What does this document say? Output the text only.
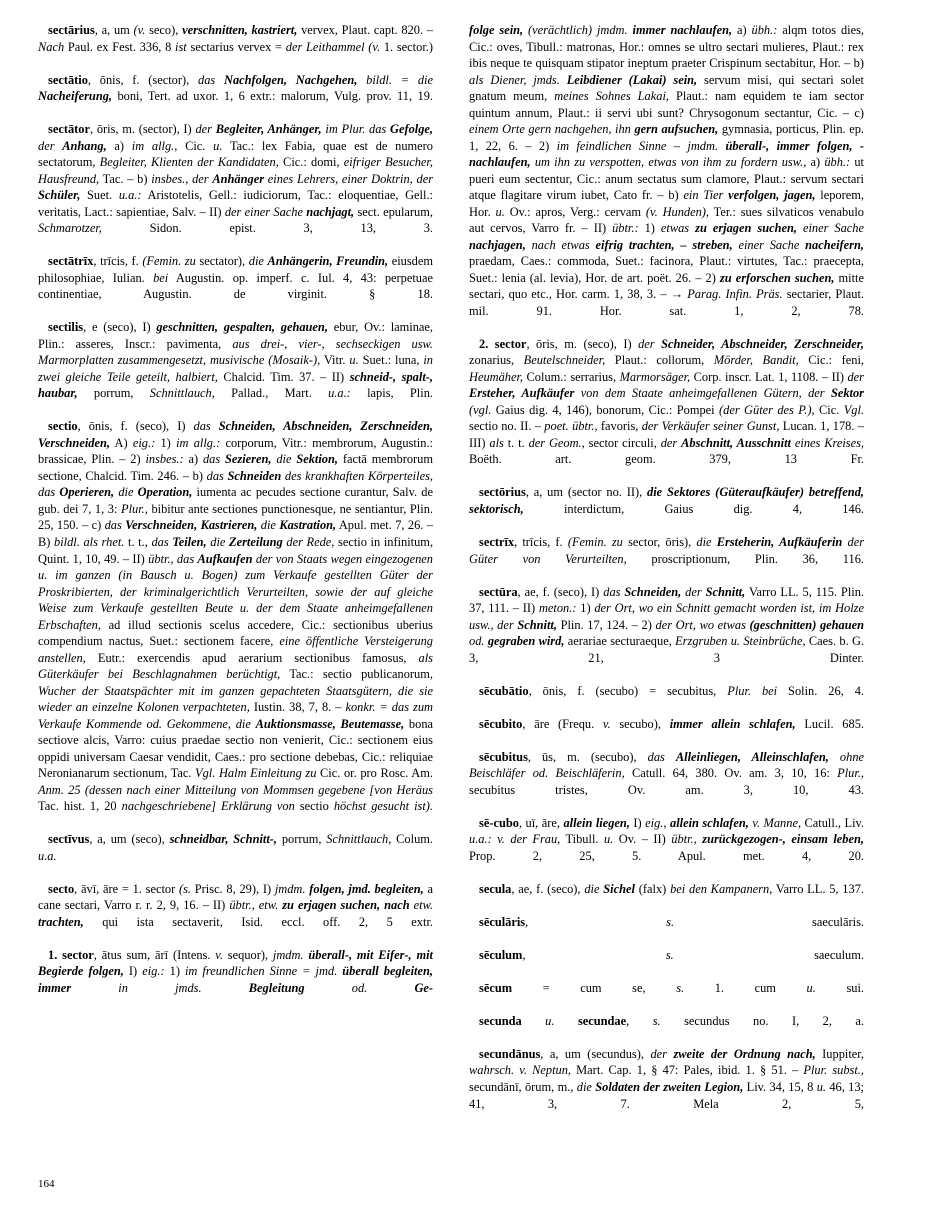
sectārius, a, um (v. seco), verschnitten, kastriert, vervex, Plaut. capt. 820. – Nach Paul. ex Fest. 336, 8 ist sectarius vervex = der Leithammel (v. 1. sector.)

sectātio, ōnis, f. (sector), das Nachfolgen, Nachgehen, bildl. = die Nacheiferung, boni, Tert. ad uxor. 1, 6 extr.: malorum, Vulg. prov. 11, 19.

sectātor, ōris, m. (sector), I) der Begleiter, Anhänger, im Plur. das Gefolge, der Anhang, a) im allg., Cic. u. Tac.: lex Fabia, quae est de numero sectatorum, Begleiter, Klienten der Kandidaten, Cic.: domi, eifriger Besucher, Hausfreund, Tac. – b) insbes., der Anhänger eines Lehrers, einer Doktrin, der Schüler, Suet. u.a.: Aristotelis, Gell.: iudiciorum, Tac.: eloquentiae, Gell.: veritatis, Lact.: sapientiae, Salv. – II) der einer Sache nachjagt, sect. epularum, Schmarotzer, Sidon. epist. 3, 13, 3.

sectātrīx, trīcis, f. (Femin. zu sectator), die Anhängerin, Freundin, eiusdem philosophiae, Iulian. bei Augustin. op. imperf. c. Iul. 4, 43: perpetuae continentiae, Augustin. de virginit. § 18.

sectilis, e (seco), I) geschnitten, gespalten, gehauen, ebur, Ov.: laminae, Plin.: asseres, Inscr.: pavimenta, aus drei-, vier-, sechseckigen usw. Marmorplatten zusammengesetzt, musivische (Mosaik-), Vitr. u. Suet.: luna, in zwei gleiche Teile geteilt, halbiert, Chalcid. Tim. 37. – II) schneid-, spalt-, haubar, porrum, Schnittlauch, Pallad., Mart. u.a.: lapis, Plin.

sectio, ōnis, f. (seco), I) das Schneiden, Abschneiden, Zerschneiden, Verschneiden, A) eig.: 1) im allg.: corporum, Vitr.: membrorum, Augustin.: brassicae, Plin. – 2) insbes.: a) das Sezieren, die Sektion, factā membrorum sectione, Chalcid. Tim. 246. – b) das Schneiden des krankhaften Körperteiles, das Operieren, die Operation, iumenta ac pecudes sectione curantur, Salv. de gub. dei 7, 1, 3: Plur., bibitur ante sectiones punctionesque, ne sentiantur, Plin. 25, 150. – c) das Verschneiden, Kastrieren, die Kastration, Apul. met. 7, 26. – B) bildl. als rhet. t. t., das Teilen, die Zerteilung der Rede, sectio in infinitum, Quint. 1, 10, 49. – II) übtr., das Aufkaufen der von Staats wegen eingezogenen u. im ganzen (in Bausch u. Bogen) zum Verkaufe gestellten Güter der Proskribierten, der kriminalgerichtlich Verurteilten, sowie der auf gleiche Weise zum Verkaufe gestellten Beute u. der dem Staate anheimgefallenen Erbschaften, ad illud sectionis scelus accedere, Cic.: sectionibus uberius compendium nactus, Suet.: sectionem facere, eine öffentliche Versteigerung anstellen, Eutr.: exercendis apud aerarium sectionibus famosus, als Güterkäufer bei Beschlagnahmen berüchtigt, Tac.: sectio publicanorum, Wucher der Staatspächter mit im ganzen gepachteten Staatsgütern, die sie wieder an einzelne Kolonen verpachteten, Iustin. 38, 7, 8. – konkr. = das zum Verkaufe Kommende od. Gekommene, die Auktionsmasse, Beutemasse, bona sectiove alcis, Varro: cuius praedae sectio non venierit, Cic.: sectionem eius oppidi universam Caesar vendidit, Caes.: pro sectione debebas, Cic.: reliquiae Neronianarum sectionum, Tac. Vgl. Halm Einleitung zu Cic. or. pro Rosc. Am. Anm. 25 (dessen nach einer Mitteilung von Mommsen gegebene [von Heräus Tac. hist. 1, 20 nachgeschriebene] Erklärung von sectio höchst gesucht ist).

sectīvus, a, um (seco), schneidbar, Schnitt-, porrum, Schnittlauch, Colum. u.a.

secto, āvī, āre = 1. sector (s. Prisc. 8, 29), I) jmdm. folgen, jmd. begleiten, a cane sectari, Varro r. r. 2, 9, 16. – II) übtr., etw. zu erjagen suchen, nach etw. trachten, qui ista sectaverit, Isid. eccl. off. 2, 5 extr.

1. sector, ātus sum, ārī (Intens. v. sequor), jmdm. überall-, mit Eifer-, mit Begierde folgen, I) eig.: 1) im freundlichen Sinne = jmd. überall begleiten, immer	in jmds.	Begleitung	od.	Ge-

folge sein, (verächtlich) jmdm. immer nachlaufen, a) übh.: alqm totos dies, Cic.: oves, Tibull.: matronas, Hor.: omnes se ultro sectari mulieres, Plaut.: rex ibis neque te quisquam stipator ineptum praeter Crispinum sectabitur, Hor. – b) als Diener, jmds. Leibdiener (Lakai) sein, servum misi, qui sectari solet gnatum meum, meines Sohnes Lakai, Plaut.: nam equidem te iam sector quintum annum, Plaut.: ii servi ubi sunt? Chrysogonum sectantur, Cic. – c) einem Orte gern nachgehen, ihn gern aufsuchen, gymnasia, porticus, Plin. ep. 1, 22, 6. – 2) im feindlichen Sinne – jmdm. überall-, immer folgen, -nachlaufen, um ihn zu verspotten, etwas von ihm zu fordern usw., a) übh.: ut pueri eum sectentur, Cic.: anum sectatus sum clamore, Plaut.: servum sectari atque flagitare virum iubet, Cato fr. – b) ein Tier verfolgen, jagen, leporem, Hor. u. Ov.: apros, Verg.: cervam (v. Hunden), Ter.: sues silvaticos venabulo aut cervos, Varro fr. – II) übtr.: 1) etwas zu erjagen suchen, einer Sache nachjagen, nach etwas eifrig trachten, – streben, einer Sache nacheifern, praedam, Caes.: commoda, Suet.: facinora, Plaut.: virtutes, Tac.: praecepta, Suet.: lenia (al. levia), Hor. de art. poët. 26. – 2) zu erforschen suchen, mitte sectari, quo etc., Hor. carm. 1, 38, 3. – → Parag. Infin. Präs. sectarier, Plaut. mil. 91. Hor. sat. 1, 2, 78.

2. sector, ōris, m. (seco), I) der Schneider, Abschneider, Zerschneider, zonarius, Beutelschneider, Plaut.: collorum, Mörder, Bandit, Cic.: feni, Heumäher, Colum.: serrarius, Marmorsäger, Corp. inscr. Lat. 1, 1108. – II) der Ersteher, Aufkäufer von dem Staate anheimgefallenen Gütern, der Sektor (vgl. Gaius dig. 4, 146), bonorum, Cic.: Pompei (der Güter des P.), Cic. Vgl. sectio no. II. – poet. übtr., favoris, der Verkäufer seiner Gunst, Lucan. 1, 178. – III) als t. t. der Geom., sector circuli, der Abschnitt, Ausschnitt eines Kreises, Boëth. art. geom. 379, 13 Fr.

sectōrius, a, um (sector no. II), die Sektores (Güteraufkäufer) betreffend, sektorisch, interdictum, Gaius dig. 4, 146.

sectrīx, trīcis, f. (Femin. zu sector, ōris), die Ersteherin, Aufkäuferin der Güter von Verurteilten, proscriptionum, Plin. 36, 116.

sectūra, ae, f. (seco), I) das Schneiden, der Schnitt, Varro LL. 5, 115. Plin. 37, 111. – II) meton.: 1) der Ort, wo ein Schnitt gemacht worden ist, im Holze usw., der Schnitt, Plin. 17, 124. – 2) der Ort, wo etwas (geschnitten) gehauen od. gegraben wird, aerariae secturaeque, Erzgruben u. Steinbrüche, Caes. b. G. 3, 21, 3 Dinter.

sēcubātio, ōnis, f. (secubo) = secubitus, Plur. bei Solin. 26, 4.

sēcubito, āre (Frequ. v. secubo), immer allein schlafen, Lucil. 685.

sēcubitus, ūs, m. (secubo), das Alleinliegen, Alleinschlafen, ohne Beischläfer od. Beischläferin, Catull. 64, 380. Ov. am. 3, 10, 16: Plur., secubitus tristes, Ov. am. 3, 10, 43.

sē-cubo, uī, āre, allein liegen, I) eig., allein schlafen, v. Manne, Catull., Liv. u.a.: v. der Frau, Tibull. u. Ov. – II) übtr., zurückgezogen-, einsam leben, Prop. 2, 25, 5. Apul. met. 4, 20.

secula, ae, f. (seco), die Sichel (falx) bei den Kampanern, Varro LL. 5, 137.

sēculāris, s. saeculāris.

sēculum, s. saeculum.

sēcum = cum se, s. 1. cum u. sui.

secunda u. secundae, s. secundus no. I, 2, a.

secundānus, a, um (secundus), der zweite der Ordnung nach, Iuppiter, wahrsch. v. Neptun, Mart. Cap. 1, § 47: Pales, ibid. 1. § 51. – Plur. subst., secundānī, ōrum, m., die Soldaten der zweiten Legion, Liv. 34, 15, 8 u. 46, 13; 41, 3, 7. Mela 2, 5,

164
